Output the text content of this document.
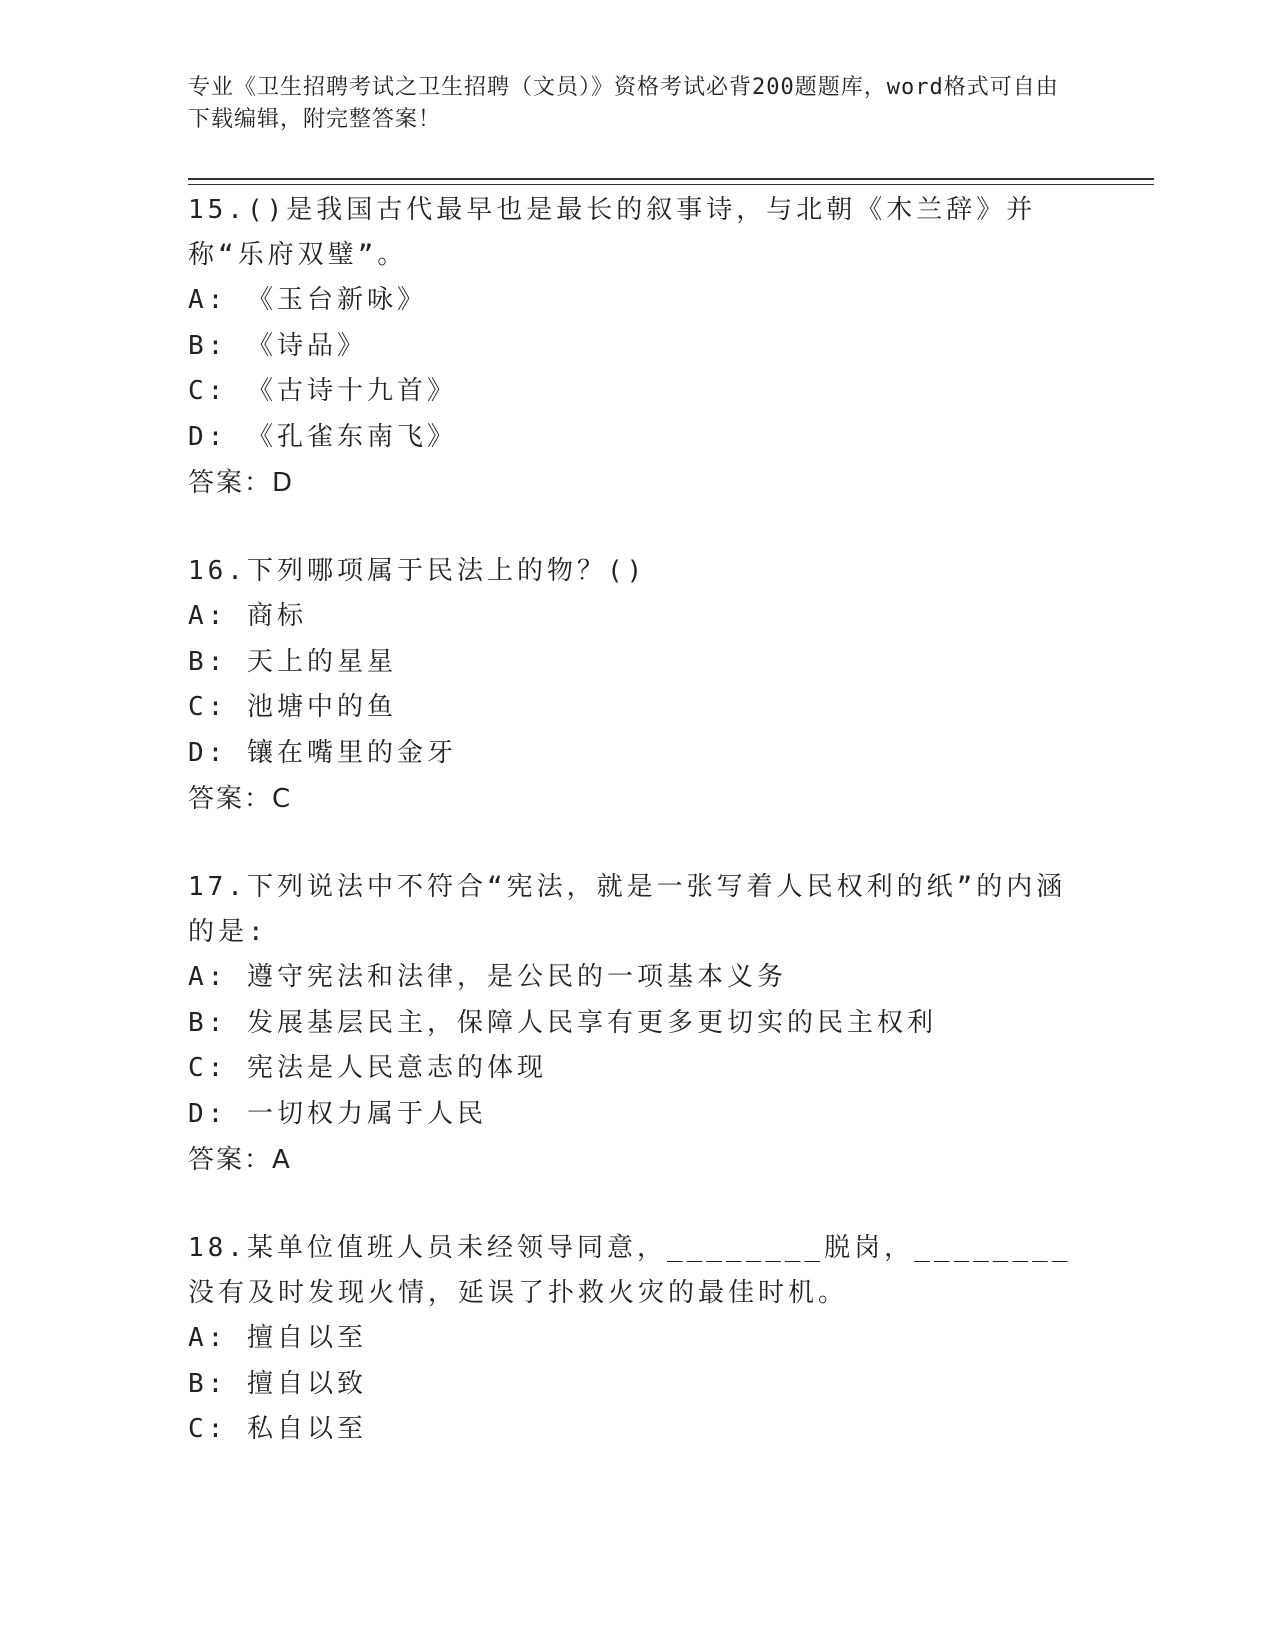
专业《卫生招聘考试之卫生招聘（文员）》资格考试必背200题题库，word格式可自由下载编辑，附完整答案！
15.()是我国古代最早也是最长的叙事诗，与北朝《木兰辞》并称“乐府双璧”。
A: 《玉台新咏》
B: 《诗品》
C: 《古诗十九首》
D: 《孔雀东南飞》
答案：D
16.下列哪项属于民法上的物？()
A: 商标
B: 天上的星星
C: 池塘中的鱼
D: 镶在嘴里的金牙
答案：C
17.下列说法中不符合“宪法，就是一张写着人民权利的纸”的内涵的是:
A: 遵守宪法和法律，是公民的一项基本义务
B: 发展基层民主，保障人民享有更多更切实的民主权利
C: 宪法是人民意志的体现
D: 一切权力属于人民
答案：A
18.某单位值班人员未经领导同意，________脱岗，________没有及时发现火情，延误了扑救火灾的最佳时机。
A: 擅自以至
B: 擅自以致
C: 私自以至
